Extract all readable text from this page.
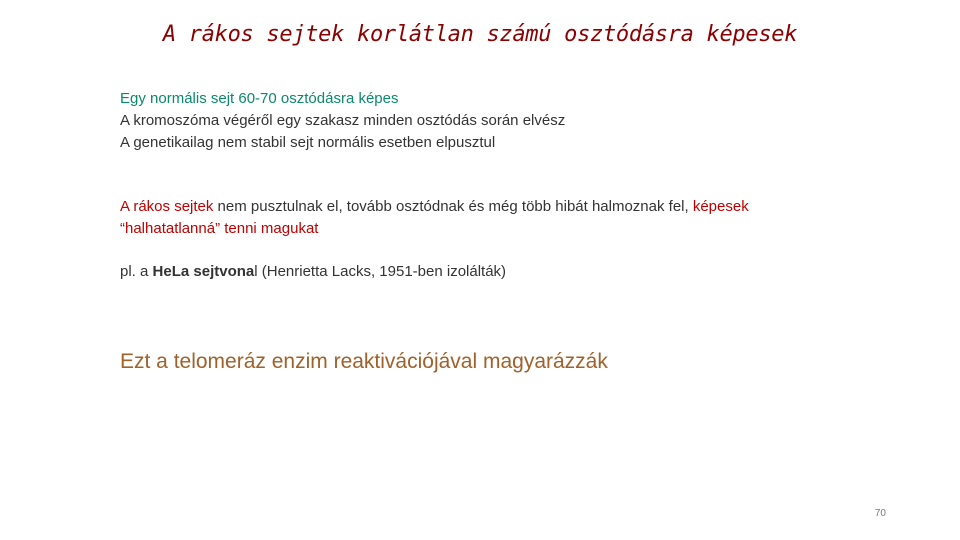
A rákos sejtek korlátlan számú osztódásra képesek
Egy normális sejt 60-70 osztódásra képes
A kromoszóma végéről egy szakasz minden osztódás során elvész
A genetikailag nem stabil sejt normális esetben elpusztul
A rákos sejtek nem pusztulnak el, tovább osztódnak és még több hibát halmoznak fel, képesek
“halhatatlanná” tenni magukat
pl. a HeLa sejtvonal (Henrietta Lacks, 1951-ben izolálták)
Ezt a telomeráz enzim reaktivációjával magyarázzák
70
